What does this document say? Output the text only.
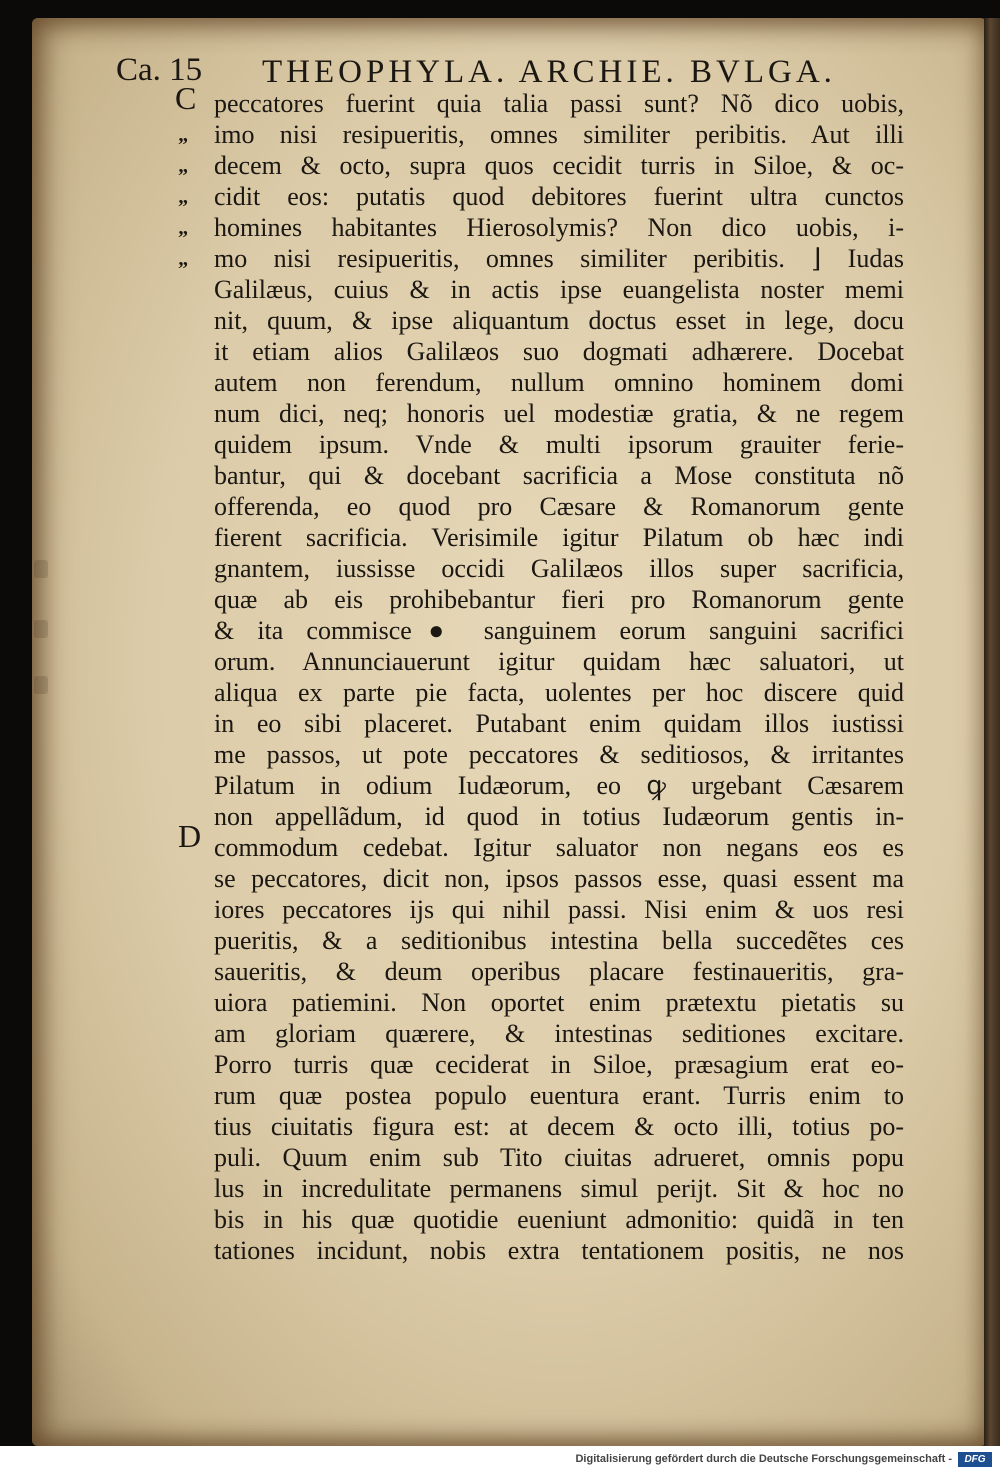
Ca. 15 THEOPHYLA. ARCHIE. BVLGA.
C
D
”
”
”
”
”
peccatores fuerint quia talia passi sunt? Nõ dico uobis,
imo nisi resipueritis, omnes similiter peribitis. Aut illi
decem & octo, supra quos cecidit turris in Siloe, & oc-
cidit eos: putatis quod debitores fuerint ultra cunctos
homines habitantes Hierosolymis? Non dico uobis, i-
mo nisi resipueritis, omnes similiter peribitis. ⌋ Iudas
Galilæus, cuius & in actis ipse euangelista noster memi
nit, quum, & ipse aliquantum doctus esset in lege, docu
it etiam alios Galilæos suo dogmati adhærere. Docebat
autem non ferendum, nullum omnino hominem domi
num dici, neq; honoris uel modestiæ gratia, & ne regem
quidem ipsum. Vnde & multi ipsorum grauiter ferie-
bantur, qui & docebant sacrificia a Mose constituta nõ
offerenda, eo quod pro Cæsare & Romanorum gente
fierent sacrificia. Verisimile igitur Pilatum ob hæc indi
gnantem, iussisse occidi Galilæos illos super sacrificia,
quæ ab eis prohibebantur fieri pro Romanorum gente
& ita commisce● sanguinem eorum sanguini sacrifici
orum. Annunciauerunt igitur quidam hæc saluatori, ut
aliqua ex parte pie facta, uolentes per hoc discere quid
in eo sibi placeret. Putabant enim quidam illos iustissi
me passos, ut pote peccatores & seditiosos, & irritantes
Pilatum in odium Iudæorum, eo ꝙ urgebant Cæsarem
non appellãdum, id quod in totius Iudæorum gentis in-
commodum cedebat. Igitur saluator non negans eos es
se peccatores, dicit non, ipsos passos esse, quasi essent ma
iores peccatores ijs qui nihil passi. Nisi enim & uos resi
pueritis, & a seditionibus intestina bella succedẽtes ces
saueritis, & deum operibus placare festinaueritis, gra-
uiora patiemini. Non oportet enim prætextu pietatis su
am gloriam quærere, & intestinas seditiones excitare.
Porro turris quæ ceciderat in Siloe, præsagium erat eo-
rum quæ postea populo euentura erant. Turris enim to
tius ciuitatis figura est: at decem & octo illi, totius po-
puli. Quum enim sub Tito ciuitas adrueret, omnis popu
lus in incredulitate permanens simul perijt. Sit & hoc no
bis in his quæ quotidie eueniunt admonitio: quidã in ten
tationes incidunt, nobis extra tentationem positis, ne nos
Digitalisierung gefördert durch die Deutsche Forschungsgemeinschaft -	DFG
